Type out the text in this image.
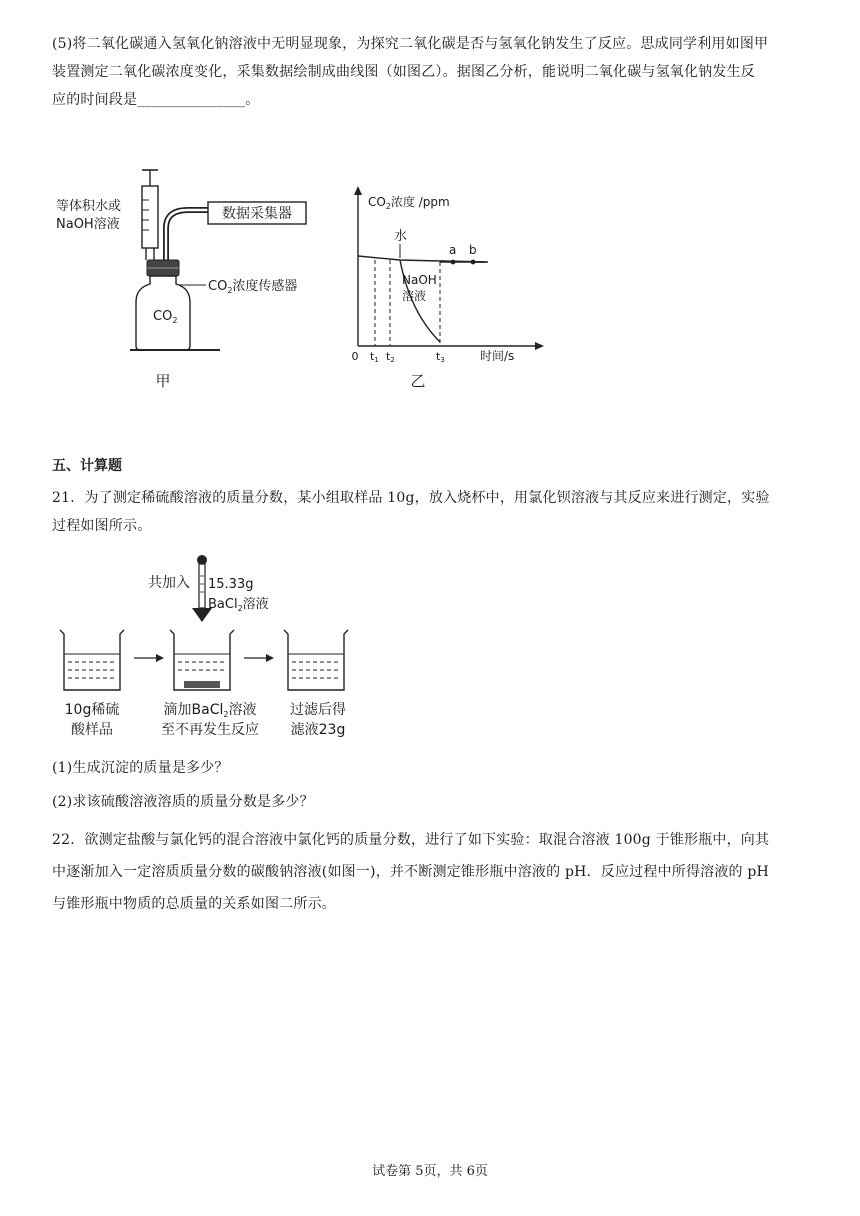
(5)将二氧化碳通入氢氧化钠溶液中无明显现象，为探究二氧化碳是否与氢氧化钠发生了反应。思成同学利用如图甲
装置测定二氧化碳浓度变化，采集数据绘制成曲线图（如图乙）。据图乙分析，能说明二氧化碳与氢氧化钠发生反
应的时间段是_______________。
数据采集器
$CO_2$
$CO_2$浓度传感器
等体积水或
NaOH溶液
甲
$CO_2$浓度 /ppm
a b
水
NaOH
溶液
0 t1 t2	t3	时间/s
乙
五、计算题
21．为了测定稀硫酸溶液的质量分数，某小组取样品 10g，放入烧杯中，用氯化钡溶液与其反应来进行测定，实验
过程如图所示。
共加入 15.33g
BaCl$_2$溶液
10g稀硫
酸样品
滴加BaCl$_2$溶液
至不再发生反应
过滤后得
滤液23g
(1)生成沉淀的质量是多少？
(2)求该硫酸溶液溶质的质量分数是多少？
22．欲测定盐酸与氯化钙的混合溶液中氯化钙的质量分数，进行了如下实验：取混合溶液 100g 于锥形瓶中，向其
中逐渐加入一定溶质质量分数的碳酸钠溶液(如图一)，并不断测定锥形瓶中溶液的 pH．反应过程中所得溶液的 pH
与锥形瓶中物质的总质量的关系如图二所示。
试卷第 5页，共 6页
